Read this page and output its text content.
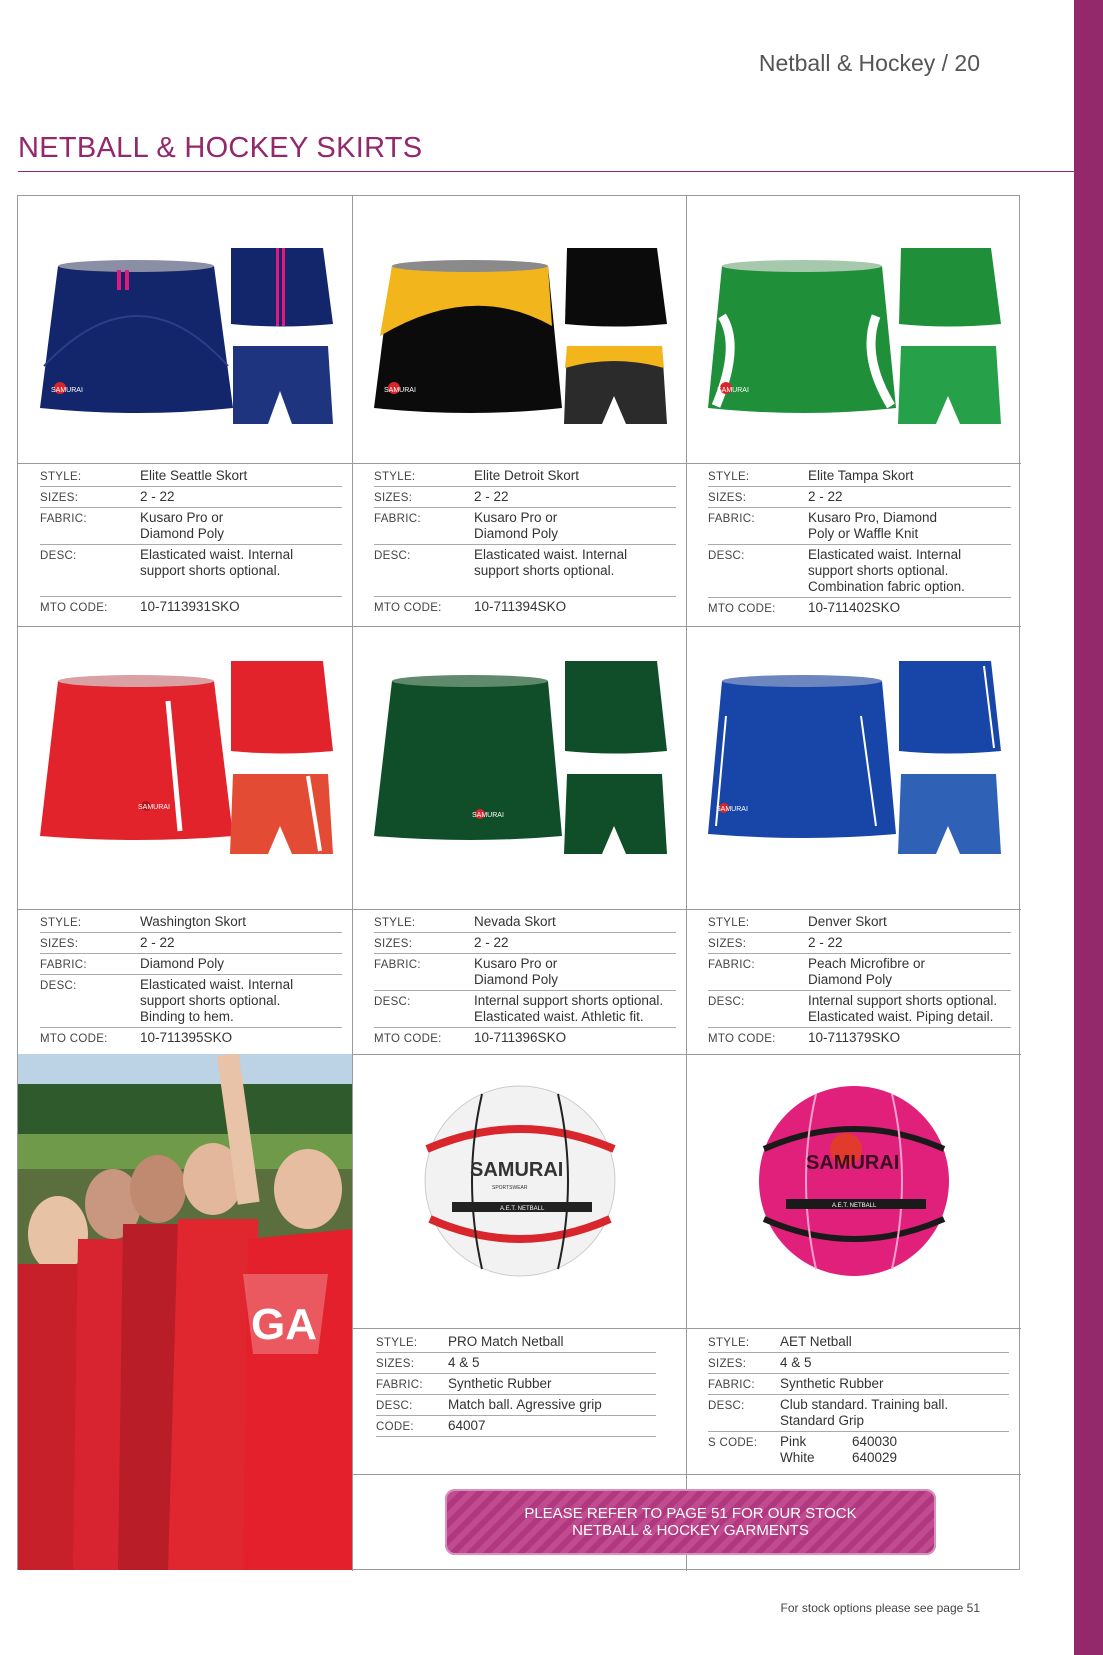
Netball & Hockey / 20
NETBALL & HOCKEY SKIRTS
SAMURAI
STYLE:	Elite Seattle Skort
SIZES:	2 - 22
FABRIC:	Kusaro Pro or
Diamond Poly
DESC:	Elasticated waist. Internal
support shorts optional.
MTO CODE:	10-7113931SKO
SAMURAI
STYLE:	Elite Detroit Skort
SIZES:	2 - 22
FABRIC:	Kusaro Pro or
Diamond Poly
DESC:	Elasticated waist. Internal
support shorts optional.
MTO CODE:	10-711394SKO
SAMURAI
STYLE:	Elite Tampa Skort
SIZES:	2 - 22
FABRIC:	Kusaro Pro, Diamond
Poly or Waffle Knit
DESC:	Elasticated waist. Internal
support shorts optional.
Combination fabric option.
MTO CODE:	10-711402SKO
SAMURAI
STYLE:	Washington Skort
SIZES:	2 - 22
FABRIC:	Diamond Poly
DESC:	Elasticated waist. Internal
support shorts optional.
Binding to hem.
MTO CODE:	10-711395SKO
SAMURAI
STYLE:	Nevada Skort
SIZES:	2 - 22
FABRIC:	Kusaro Pro or
Diamond Poly
DESC:	Internal support shorts optional.
Elasticated waist. Athletic fit.
MTO CODE:	10-711396SKO
SAMURAI
STYLE:	Denver Skort
SIZES:	2 - 22
FABRIC:	Peach Microfibre or
Diamond Poly
DESC:	Internal support shorts optional.
Elasticated waist. Piping detail.
MTO CODE:	10-711379SKO
GA
SAMURAI
SPORTSWEAR
A.E.T. NETBALL
STYLE:	PRO Match Netball
SIZES:	4 & 5
FABRIC:	Synthetic Rubber
DESC:	Match ball. Agressive grip
CODE:	64007
SAMURAI
A.E.T. NETBALL
STYLE:	AET Netball
SIZES:	4 & 5
FABRIC:	Synthetic Rubber
DESC:	Club standard. Training ball.
Standard Grip
S CODE:	Pink	640030
White	640029
PLEASE REFER TO PAGE 51 FOR OUR STOCK
NETBALL & HOCKEY GARMENTS
For stock options please see page 51
